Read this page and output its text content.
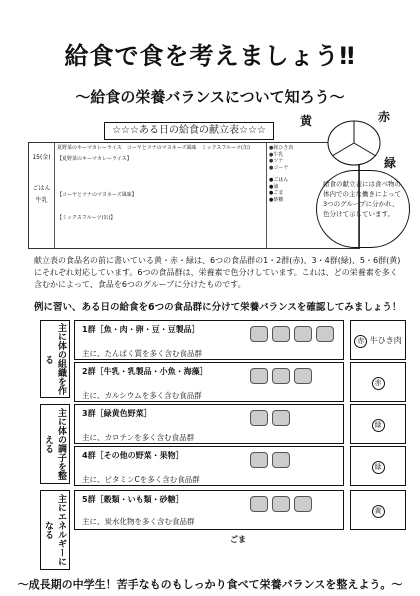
給食で食を考えましょう‼
～給食の栄養バランスについて知ろう～
☆☆☆ある日の給食の献立表☆☆☆
15(金)
ごはん
牛乳
夏野菜のキーマカレーライス　コーヤとツナのマヨネーズ風味　ミックスフルーツ(缶)
【夏野菜のキーマカレーライス】
【コーヤとツナのマヨネーズ風味】
【ミックスフルーツ(缶)】
●豚ひき肉
●牛乳
●ツナ
●コーヤ
●ごはん
●油
●ごま
●砂糖
黄	赤
緑
給食の献立表には食べ物の体内での主な働きによって3つのグループに分かれ、色分けて示しています。
献立表の食品名の前に書いている黄・赤・緑は、6つの食品群の1・2群(赤)、3・4群(緑)、5・6群(黄)にそれぞれ対応しています。6つの食品群は、栄養素で色分けしています。これは、どの栄養素を多く含むかによって、食品を6つのグループに分けたものです。
例に習い、ある日の給食を6つの食品群に分けて栄養バランスを確認してみましょう！
主に体の組織を作る
主に体の調子を整える
主にエネルギーになる
1群［魚・肉・卵・豆・豆製品］
主に、たんぱく質を多く含む食品群
赤 牛ひき肉
2群［牛乳・乳製品・小魚・海藻］
主に、カルシウムを多く含む食品群
赤
3群［緑黄色野菜］
主に、カロテンを多く含む食品群
緑
4群［その他の野菜・果物］
主に、ビタミンCを多く含む食品群
緑
5群［穀類・いも類・砂糖］
主に、炭水化物を多く含む食品群
黄
ごま
～成長期の中学生！苦手なものもしっかり食べて栄養バランスを整えよう。～
